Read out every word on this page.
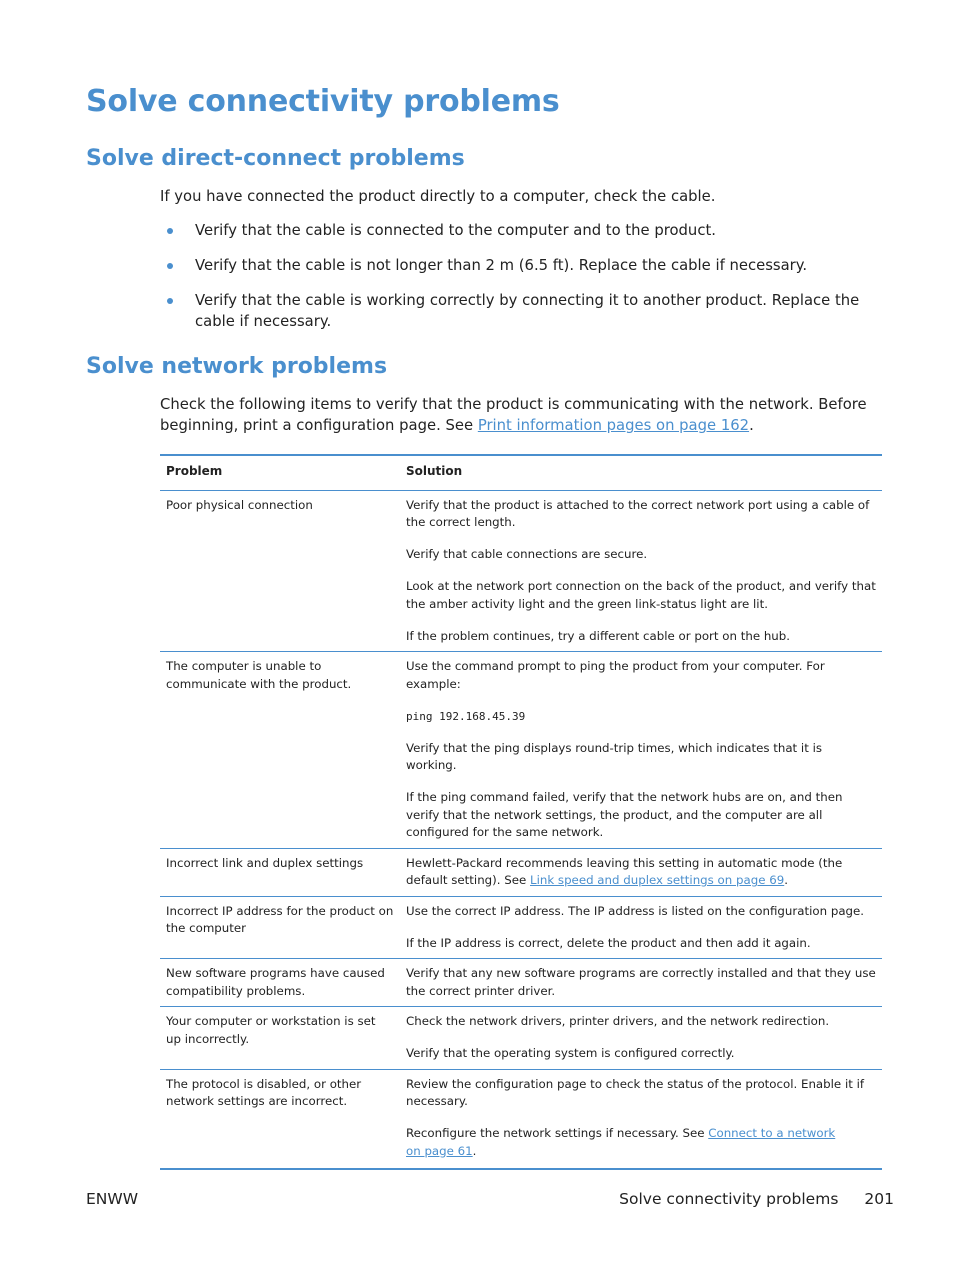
Solve connectivity problems
Solve direct-connect problems

If you have connected the product directly to a computer, check the cable.

Verify that the cable is connected to the computer and to the product.
Verify that the cable is not longer than 2 m (6.5 ft). Replace the cable if necessary.
Verify that the cable is working correctly by connecting it to another product. Replace the cable if necessary.
Solve network problems

Check the following items to verify that the product is communicating with the network. Before beginning, print a configuration page. See Print information pages on page 162.

Problem	Solution
Poor physical connection	Verify that the product is attached to the correct network port using a cable of the correct length.

Verify that cable connections are secure.

Look at the network port connection on the back of the product, and verify that the amber activity light and the green link-status light are lit.

If the problem continues, try a different cable or port on the hub.

The computer is unable to communicate with the product.	Use the command prompt to ping the product from your computer. For example:

ping 192.168.45.39

Verify that the ping displays round-trip times, which indicates that it is working.

If the ping command failed, verify that the network hubs are on, and then verify that the network settings, the product, and the computer are all configured for the same network.

Incorrect link and duplex settings	Hewlett-Packard recommends leaving this setting in automatic mode (the default setting). See Link speed and duplex settings on page 69.

Incorrect IP address for the product on the computer	Use the correct IP address. The IP address is listed on the configuration page.

If the IP address is correct, delete the product and then add it again.

New software programs have caused compatibility problems.	Verify that any new software programs are correctly installed and that they use the correct printer driver.

Your computer or workstation is set up incorrectly.	Check the network drivers, printer drivers, and the network redirection.

Verify that the operating system is configured correctly.

The protocol is disabled, or other network settings are incorrect.	Review the configuration page to check the status of the protocol. Enable it if necessary.

Reconfigure the network settings if necessary. See Connect to a network
on page 61.

ENWW	Solve connectivity problems 201
